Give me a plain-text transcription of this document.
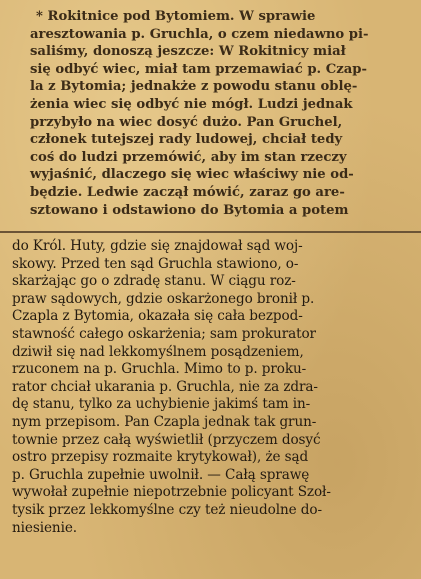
* Rokitnice pod Bytomiem. W sprawie
aresztowania p. Gruchla, o czem niedawno pi-
saliśmy, donoszą jeszcze: W Rokitnicy miał
się odbyć wiec, miał tam przemawiać p. Czap-
la z Bytomia; jednakże z powodu stanu oblę-
żenia wiec się odbyć nie mógł. Ludzi jednak
przybyło na wiec dosyć dużo. Pan Gruchel,
członek tutejszej rady ludowej, chciał tedy
coś do ludzi przemówić, aby im stan rzeczy
wyjaśnić, dlaczego się wiec właściwy nie od-
będzie. Ledwie zaczął mówić, zaraz go are-
sztowano i odstawiono do Bytomia a potem
do Król. Huty, gdzie się znajdował sąd woj-
skowy. Przed ten sąd Gruchla stawiono, o-
skarżając go o zdradę stanu. W ciągu roz-
praw sądowych, gdzie oskarżonego bronił p.
Czapla z Bytomia, okazała się cała bezpod-
stawność całego oskarżenia; sam prokurator
dziwił się nad lekkomyślnem posądzeniem,
rzuconem na p. Gruchla. Mimo to p. proku-
rator chciał ukarania p. Gruchla, nie za zdra-
dę stanu, tylko za uchybienie jakimś tam in-
nym przepisom. Pan Czapla jednak tak grun-
townie przez całą wyświetlił (przyczem dosyć
ostro przepisy rozmaite krytykował), że sąd
p. Gruchla zupełnie uwolnił. — Całą sprawę
wywołał zupełnie niepotrzebnie policyant Szoł-
tysik przez lekkomyślne czy też nieudolne do-
niesienie.
